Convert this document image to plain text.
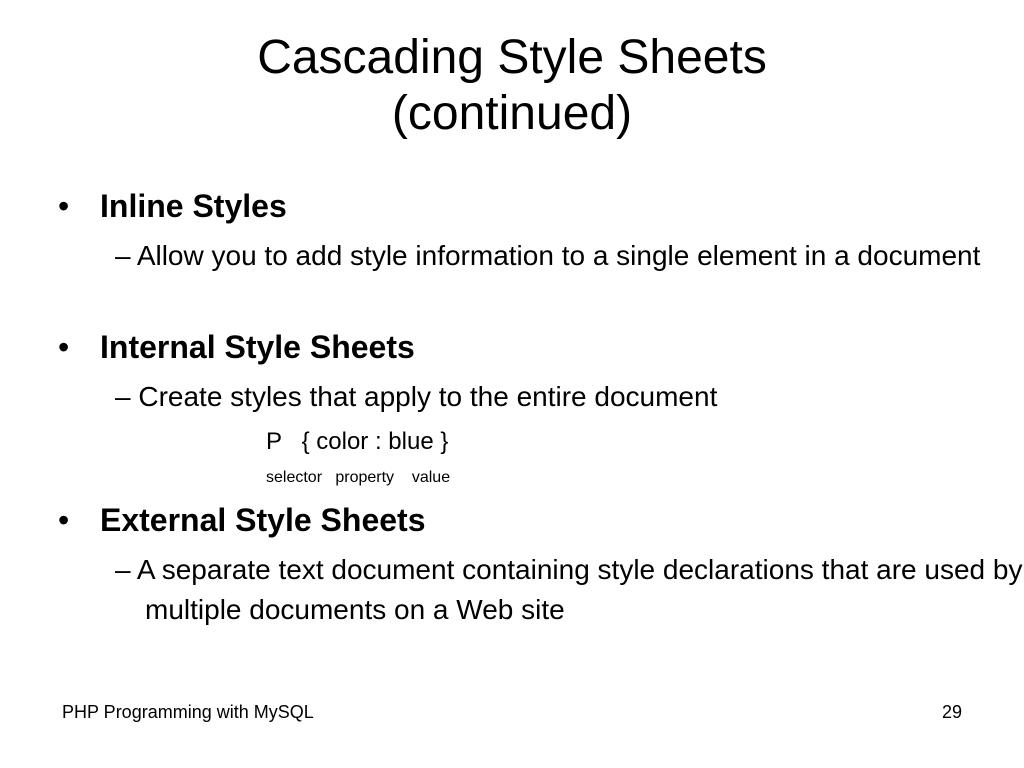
Cascading Style Sheets
(continued)
• Inline Styles
– Allow you to add style information to a single element in a document
• Internal Style Sheets
– Create styles that apply to the entire document
P   { color : blue }
selector   property    value
• External Style Sheets
– A separate text document containing style declarations that are used by multiple documents on a Web site
PHP Programming with MySQL	29
